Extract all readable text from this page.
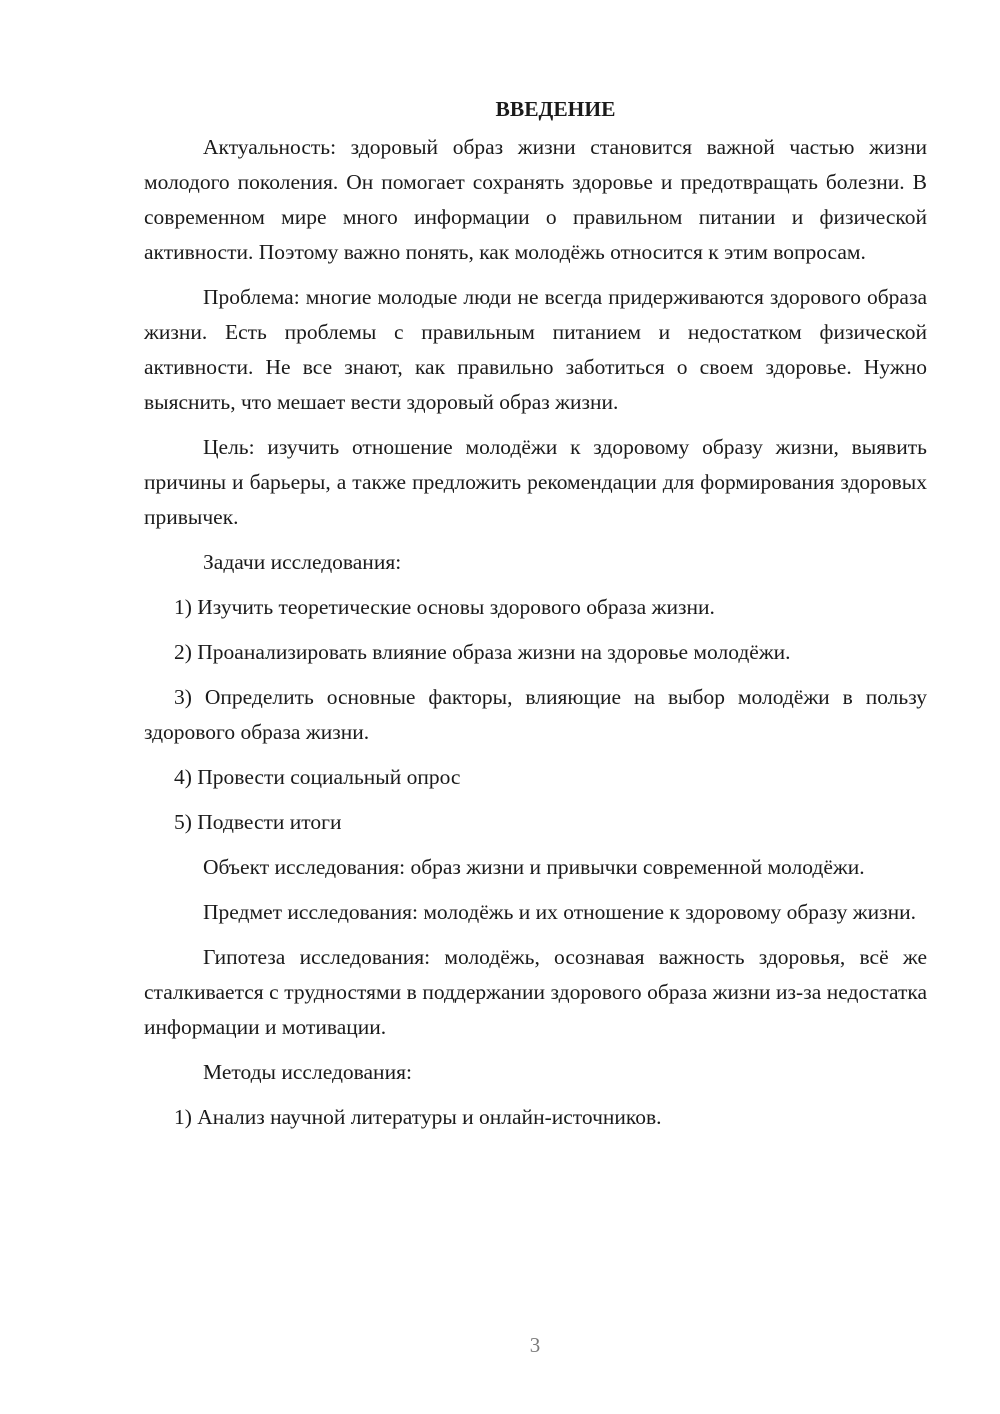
ВВЕДЕНИЕ

Актуальность: здоровый образ жизни становится важной частью жизни молодого поколения. Он помогает сохранять здоровье и предотвращать болезни. В современном мире много информации о правильном питании и физической активности. Поэтому важно понять, как молодёжь относится к этим вопросам.

Проблема: многие молодые люди не всегда придерживаются здорового образа жизни. Есть проблемы с правильным питанием и недостатком физической активности. Не все знают, как правильно заботиться о своем здоровье. Нужно выяснить, что мешает вести здоровый образ жизни.

Цель: изучить отношение молодёжи к здоровому образу жизни, выявить причины и барьеры, а также предложить рекомендации для формирования здоровых привычек.

Задачи исследования:

1) Изучить теоретические основы здорового образа жизни.

2) Проанализировать влияние образа жизни на здоровье молодёжи.

3) Определить основные факторы, влияющие на выбор молодёжи в пользу здорового образа жизни.

4) Провести социальный опрос

5) Подвести итоги

Объект исследования: образ жизни и привычки современной молодёжи.

Предмет исследования: молодёжь и их отношение к здоровому образу жизни.

Гипотеза исследования: молодёжь, осознавая важность здоровья, всё же сталкивается с трудностями в поддержании здорового образа жизни из-за недостатка информации и мотивации.

Методы исследования:

1) Анализ научной литературы и онлайн-источников.

3
